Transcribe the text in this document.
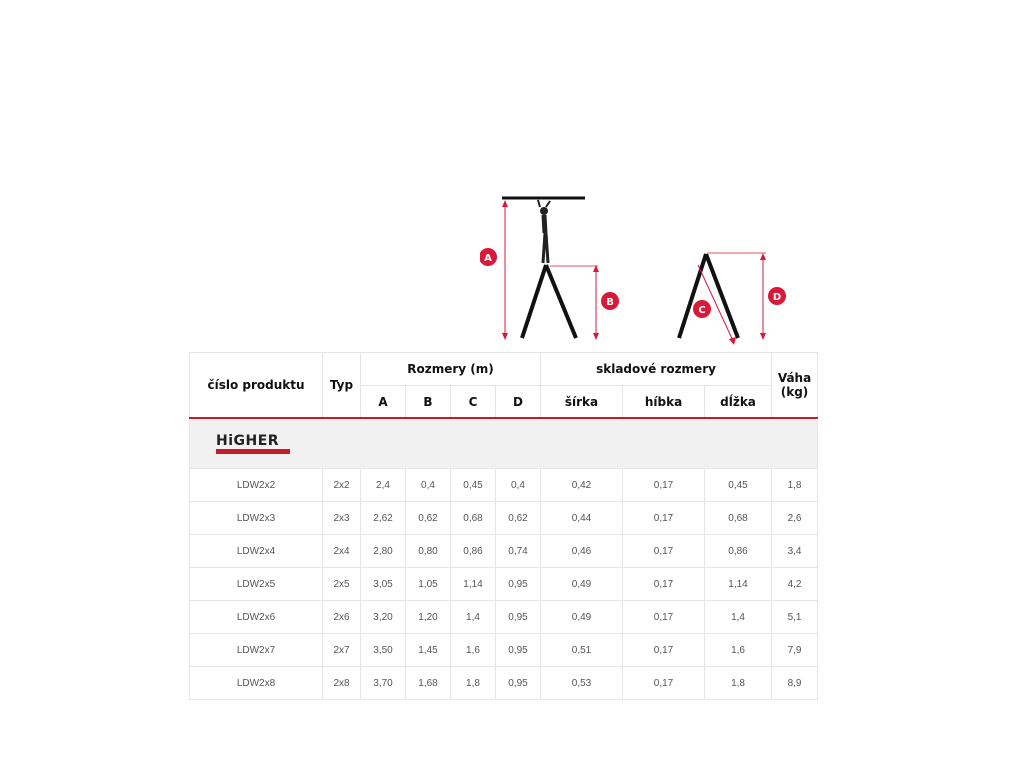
A
B
C
D
číslo produktu	Typ	Rozmery (m)				skladové rozmery			Váha (kg)
		A	B	C	D	šírka	híbka	dĺžka	

HiGHER									

LDW2x2	2x2	2,4	0,4	0,45	0,4	0,42	0,17	0,45	1,8
LDW2x3	2x3	2,62	0,62	0,68	0,62	0,44	0,17	0,68	2,6
LDW2x4	2x4	2,80	0,80	0,86	0,74	0,46	0,17	0,86	3,4
LDW2x5	2x5	3,05	1,05	1,14	0,95	0,49	0,17	1,14	4,2
LDW2x6	2x6	3,20	1,20	1,4	0,95	0,49	0,17	1,4	5,1
LDW2x7	2x7	3,50	1,45	1,6	0,95	0,51	0,17	1,6	7,9
LDW2x8	2x8	3,70	1,68	1,8	0,95	0,53	0,17	1,8	8,9
